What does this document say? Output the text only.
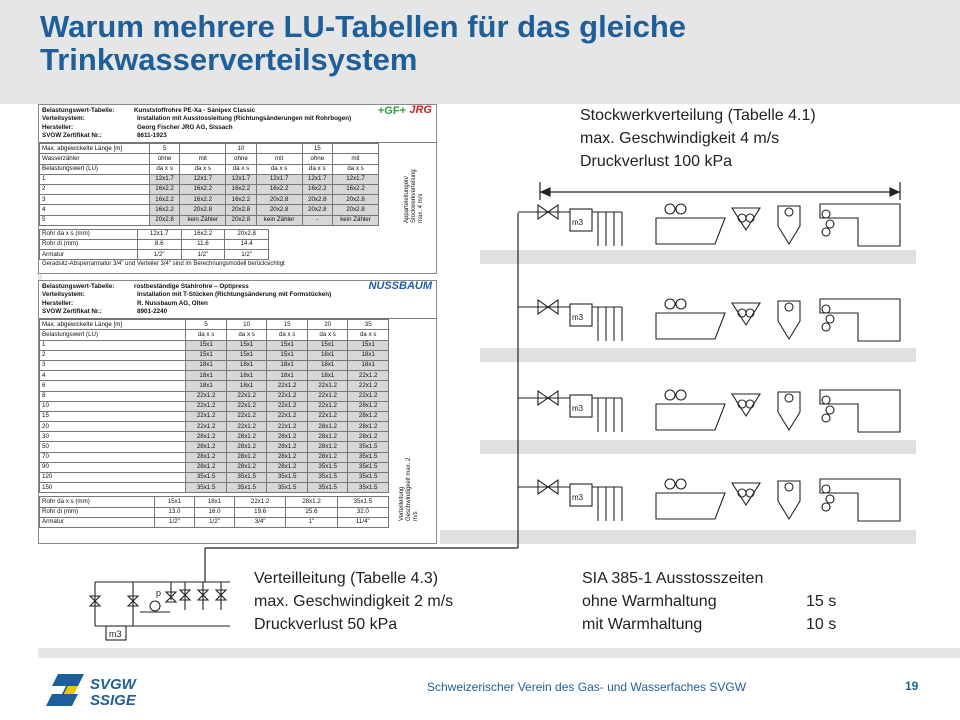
Warum mehrere LU-Tabellen für das gleiche
Trinkwasserverteilsystem
Belastungswert-Tabelle:	Kunststoffrohre PE-Xa - Sanipex Classic
Verteilsystem:	Installation mit Ausstossleitung (Richtungsänderungen mit Rohrbogen)
Hersteller:	Georg Fischer JRG AG, Sissach
SVGW Zertifikat Nr.:	8611-1923
+GF+ JRG
Max. abgewickelte Länge [m]	5		10		15	
Wasserzähler	ohne	mit	ohne	mit	ohne	mit
Belastungswert (LU)	da x s	da x s	da x s	da x s	da x s	da x s
1	12x1.7	12x1.7	12x1.7	12x1.7	12x1.7	12x1.7
2	16x2.2	16x2.2	16x2.2	16x2.2	16x2.2	16x2.2
3	16x2.2	16x2.2	16x2.2	20x2.8	20x2.8	20x2.8
4	16x2.2	20x2.8	20x2.8	20x2.8	20x2.8	20x2.8
5	20x2.8	kein Zähler	20x2.8	kein Zähler	-	kein Zähler
Rohr da x s (mm)	12x1.7	16x2.2	20x2.8
Rohr di (mm)	8.6	11.6	14.4
Armatur	1/2"	1/2"	1/2"
Geradsitz-Absperrarmatur 3/4" und Verteiler 3/4" sind im Berechnungsmodell berücksichtigt
Apparteleitungen/ Stockwerkverteilung max. 4 m/s
Belastungswert-Tabelle:	rostbeständige Stahlrohre – Optipress
Verteilsystem:	Installation mit T-Stücken (Richtungsänderung mit Formstücken)
Hersteller:	R. Nussbaum AG, Olten
SVGW Zertifikat Nr.:	8901-2240
NUSSBAUM
Max. abgewickelte Länge [m]	5	10	15	20	35
Belastungswert (LU)	da x s	da x s	da x s	da x s	da x s
1	15x1	15x1	15x1	15x1	15x1
2	15x1	15x1	15x1	18x1	18x1
3	18x1	18x1	18x1	18x1	18x1
4	18x1	18x1	18x1	18x1	22x1.2
6	18x1	18x1	22x1.2	22x1.2	22x1.2
8	22x1.2	22x1.2	22x1.2	22x1.2	22x1.2
10	22x1.2	22x1.2	22x1.2	22x1.2	28x1.2
15	22x1.2	22x1.2	22x1.2	22x1.2	28x1.2
20	22x1.2	22x1.2	22x1.2	28x1.2	28x1.2
30	28x1.2	28x1.2	28x1.2	28x1.2	28x1.2
50	28x1.2	28x1.2	28x1.2	28x1.2	35x1.5
70	28x1.2	28x1.2	28x1.2	28x1.2	35x1.5
90	28x1.2	28x1.2	28x1.2	35x1.5	35x1.5
120	35x1.5	35x1.5	35x1.5	35x1.5	35x1.5
150	35x1.5	35x1.5	35x1.5	35x1.5	35x1.5
Rohr da x s (mm)	15x1	18x1	22x1.2	28x1.2	35x1.5
Rohr di (mm)	13.0	16.0	19.6	25.6	32.0
Armatur	1/2"	1/2"	3/4"	1"	11/4"
Verteilleitung Geschwindigkeit max. 2 m/s
m3
m3
m3
m3
m3
p
Stockwerkverteilung (Tabelle 4.1)
max. Geschwindigkeit 4 m/s
Druckverlust 100 kPa
Verteilleitung (Tabelle 4.3)
max. Geschwindigkeit 2 m/s
Druckverlust 50 kPa
SIA 385-1 Ausstosszeiten
ohne Warmhaltung	15 s
mit Warmhaltung	10 s
SVGW
SSIGE
Schweizerischer Verein des Gas- und Wasserfaches SVGW	19
